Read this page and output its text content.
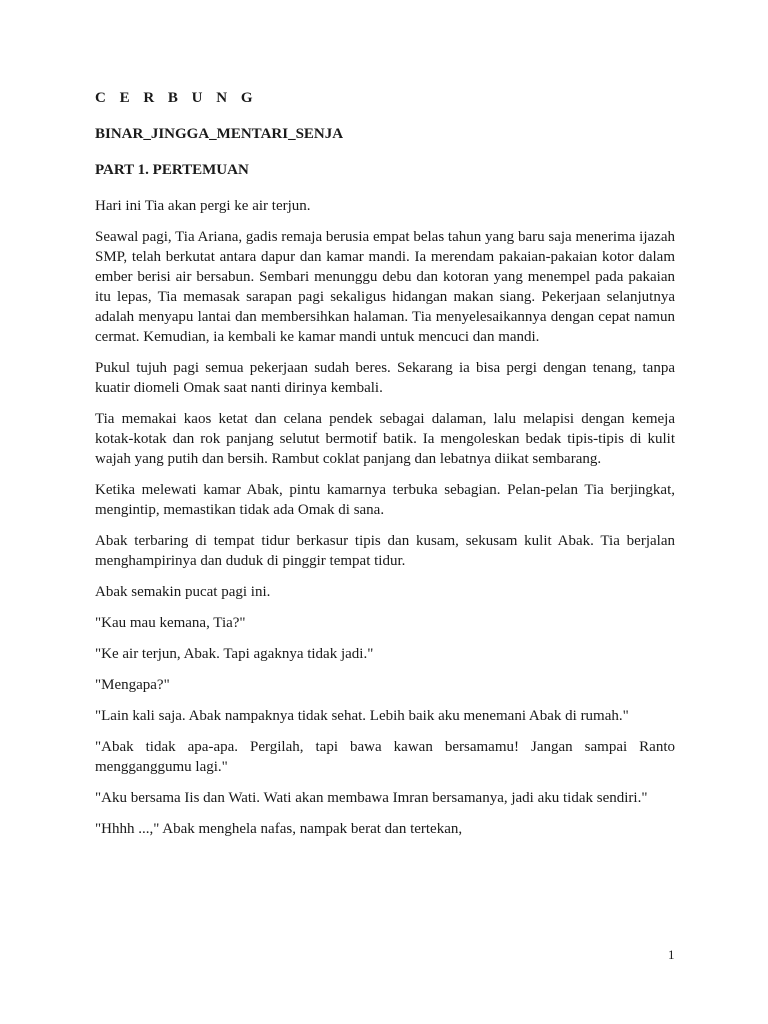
C E R B U N G
BINAR_JINGGA_MENTARI_SENJA
PART 1. PERTEMUAN

Hari ini Tia akan pergi ke air terjun.

Seawal pagi, Tia Ariana, gadis remaja berusia empat belas tahun yang baru saja menerima ijazah SMP, telah berkutat antara dapur dan kamar mandi. Ia merendam pakaian-pakaian kotor dalam ember berisi air bersabun. Sembari menunggu debu dan kotoran yang menempel pada pakaian itu lepas, Tia memasak sarapan pagi sekaligus hidangan makan siang. Pekerjaan selanjutnya adalah menyapu lantai dan membersihkan halaman. Tia menyelesaikannya dengan cepat namun cermat. Kemudian, ia kembali ke kamar mandi untuk mencuci dan mandi.

Pukul tujuh pagi semua pekerjaan sudah beres. Sekarang ia bisa pergi dengan tenang, tanpa kuatir diomeli Omak saat nanti dirinya kembali.

Tia memakai kaos ketat dan celana pendek sebagai dalaman, lalu melapisi dengan kemeja kotak-kotak dan rok panjang selutut bermotif batik. Ia mengoleskan bedak tipis-tipis di kulit wajah yang putih dan bersih. Rambut coklat panjang dan lebatnya diikat sembarang.

Ketika melewati kamar Abak, pintu kamarnya terbuka sebagian. Pelan-pelan Tia berjingkat, mengintip, memastikan tidak ada Omak di sana.

Abak terbaring di tempat tidur berkasur tipis dan kusam, sekusam kulit Abak. Tia berjalan menghampirinya dan duduk di pinggir tempat tidur.

Abak semakin pucat pagi ini.

"Kau mau kemana, Tia?"

"Ke air terjun, Abak. Tapi agaknya tidak jadi."

"Mengapa?"

"Lain kali saja. Abak nampaknya tidak sehat. Lebih baik aku menemani Abak di rumah."

"Abak tidak apa-apa. Pergilah, tapi bawa kawan bersamamu! Jangan sampai Ranto mengganggumu lagi."

"Aku bersama Iis dan Wati. Wati akan membawa Imran bersamanya, jadi aku tidak sendiri."

"Hhhh ...," Abak menghela nafas, nampak berat dan tertekan,

1
